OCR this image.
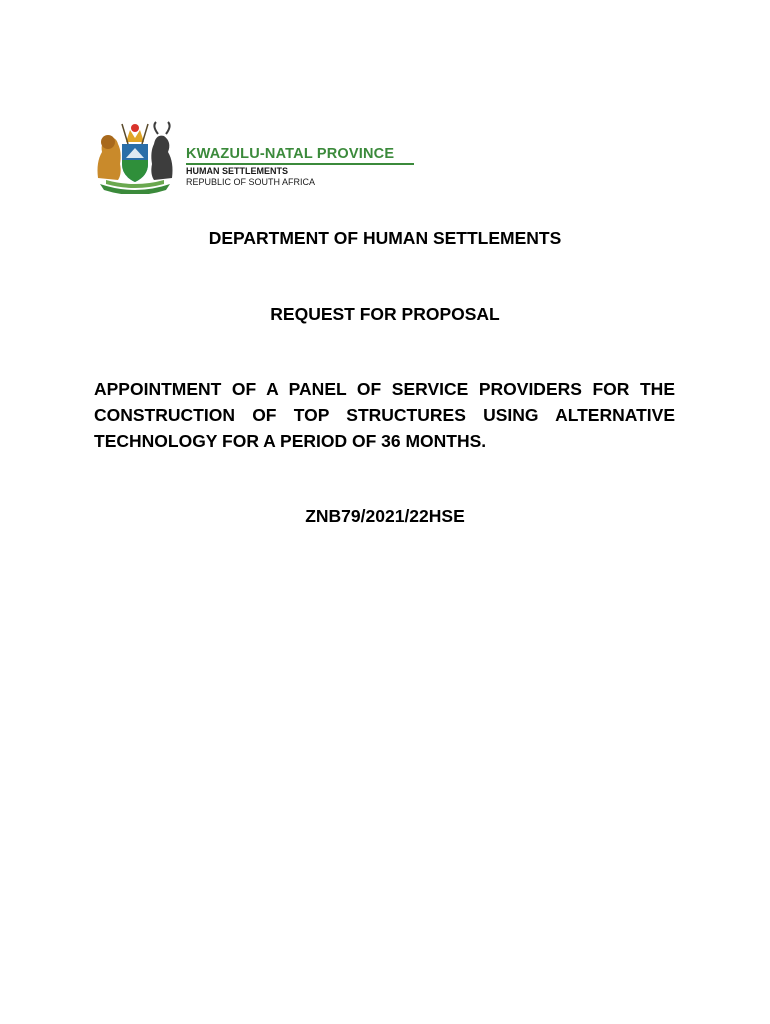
KWAZULU-NATAL PROVINCE
HUMAN SETTLEMENTS
REPUBLIC OF SOUTH AFRICA
DEPARTMENT OF HUMAN SETTLEMENTS
REQUEST FOR PROPOSAL
APPOINTMENT OF A PANEL OF SERVICE PROVIDERS FOR THE CONSTRUCTION OF TOP STRUCTURES USING ALTERNATIVE TECHNOLOGY FOR A PERIOD OF 36 MONTHS.
ZNB79/2021/22HSE
